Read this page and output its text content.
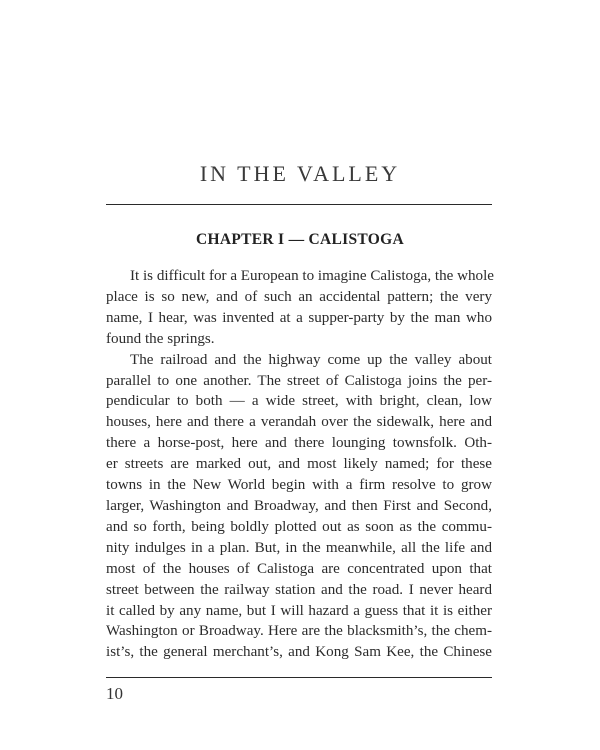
IN THE VALLEY
CHAPTER I — CALISTOGA

It is difficult for a European to imagine Calistoga, the whole
place is so new, and of such an accidental pattern; the very
name, I hear, was invented at a supper-party by the man who
found the springs.

The railroad and the highway come up the valley about
parallel to one another. The street of Calistoga joins the per-
pendicular to both — a wide street, with bright, clean, low
houses, here and there a verandah over the sidewalk, here and
there a horse-post, here and there lounging townsfolk. Oth-
er streets are marked out, and most likely named; for these
towns in the New World begin with a firm resolve to grow
larger, Washington and Broadway, and then First and Second,
and so forth, being boldly plotted out as soon as the commu-
nity indulges in a plan. But, in the meanwhile, all the life and
most of the houses of Calistoga are concentrated upon that
street between the railway station and the road. I never heard
it called by any name, but I will hazard a guess that it is either
Washington or Broadway. Here are the blacksmith’s, the chem-
ist’s, the general merchant’s, and Kong Sam Kee, the Chinese

10
